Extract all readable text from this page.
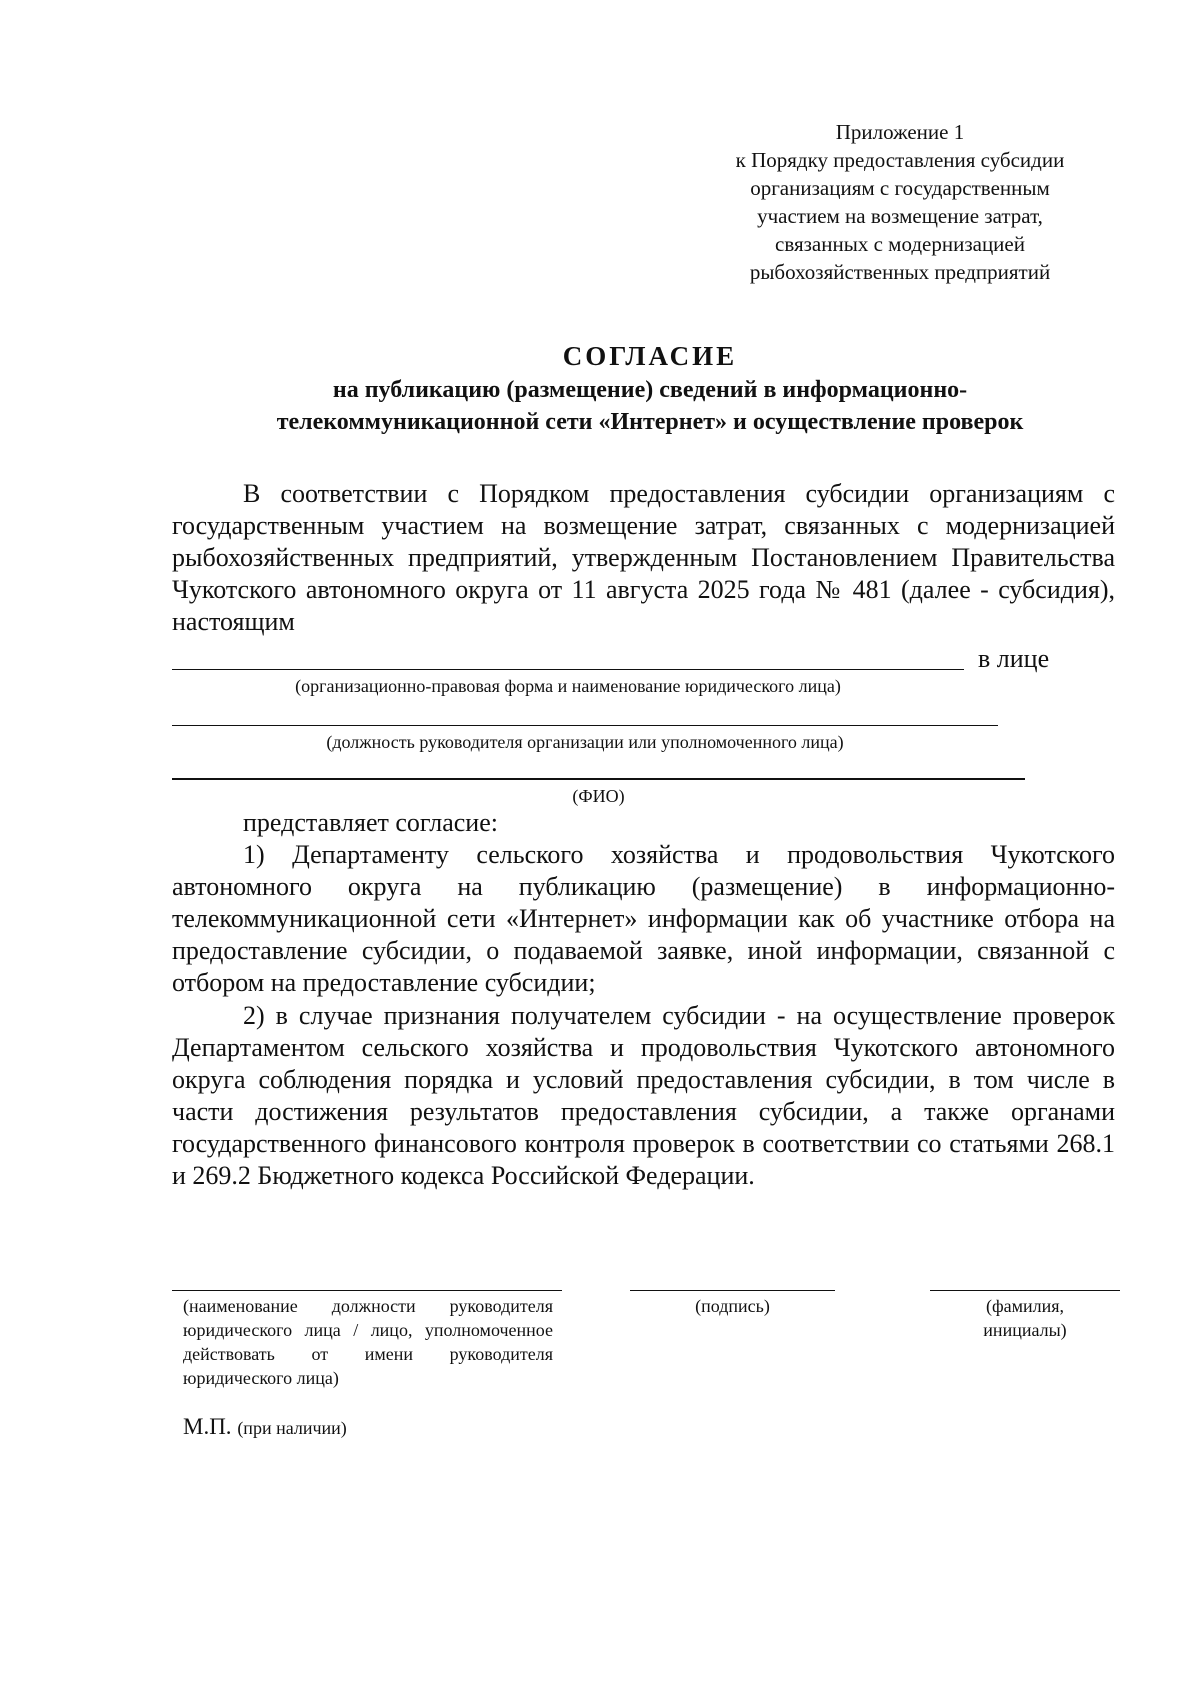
Приложение 1
к Порядку предоставления субсидии
организациям с государственным
участием на возмещение затрат,
связанных с модернизацией
рыбохозяйственных предприятий
СОГЛАСИЕ
на публикацию (размещение) сведений в информационно-
телекоммуникационной сети «Интернет» и осуществление проверок
В соответствии с Порядком предоставления субсидии организациям с государственным участием на возмещение затрат, связанных с модернизацией рыбохозяйственных предприятий, утвержденным Постановлением Правительства Чукотского автономного округа от 11 августа 2025 года № 481 (далее - субсидия), настоящим
в лице
(организационно-правовая форма и наименование юридического лица)
(должность руководителя организации или уполномоченного лица)
(ФИО)
представляет согласие:
1) Департаменту сельского хозяйства и продовольствия Чукотского автономного округа на публикацию (размещение) в информационно-телекоммуникационной сети «Интернет» информации как об участнике отбора на предоставление субсидии, о подаваемой заявке, иной информации, связанной с отбором на предоставление субсидии;
2) в случае признания получателем субсидии - на осуществление проверок Департаментом сельского хозяйства и продовольствия Чукотского автономного округа соблюдения порядка и условий предоставления субсидии, в том числе в части достижения результатов предоставления субсидии, а также органами государственного финансового контроля проверок в соответствии со статьями 268.1 и 269.2 Бюджетного кодекса Российской Федерации.
(наименование должности руководителя юридического лица / лицо, уполномоченное действовать от имени руководителя юридического лица)
(подпись)	(фамилия,
инициалы)
М.П. (при наличии)
